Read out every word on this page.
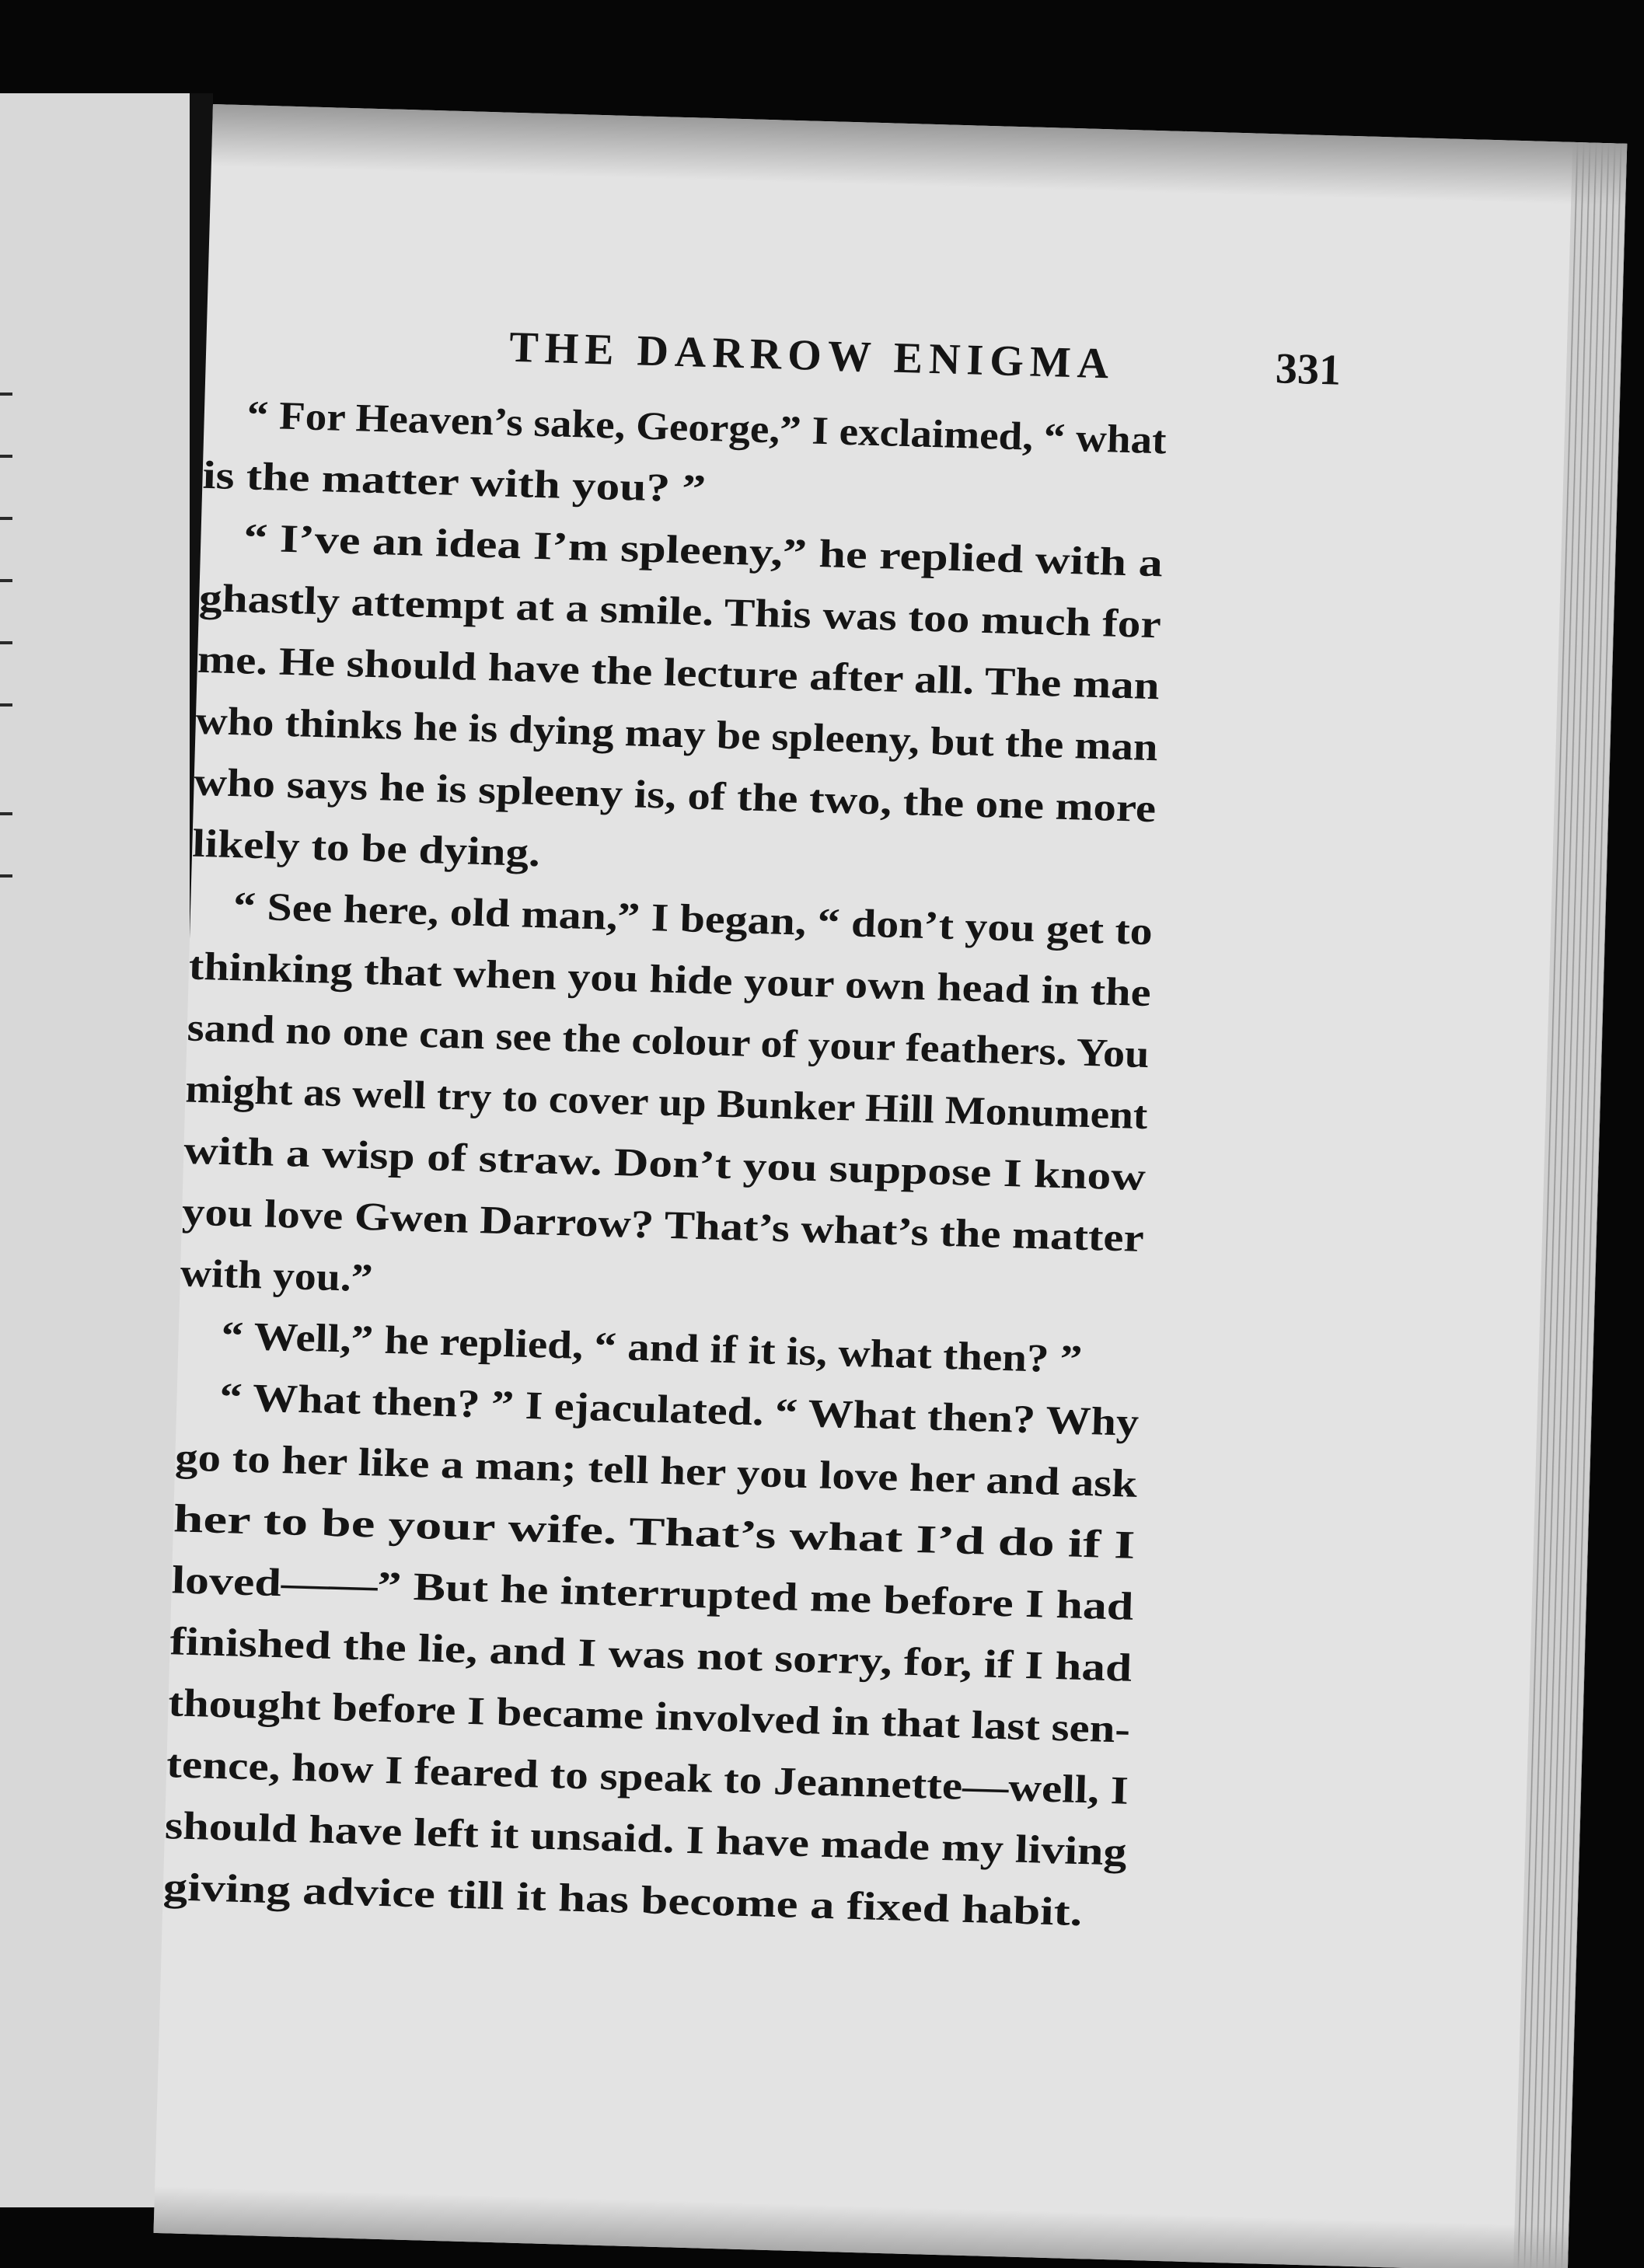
THE DARROW ENIGMA	331
“ For Heaven’s sake, George,” I exclaimed, “ what
is the matter with you? ”
“ I’ve an idea I’m spleeny,” he replied with a
ghastly attempt at a smile. This was too much for
me. He should have the lecture after all. The man
who thinks he is dying may be spleeny, but the man
who says he is spleeny is, of the two, the one more
likely to be dying.
“ See here, old man,” I began, “ don’t you get to
thinking that when you hide your own head in the
sand no one can see the colour of your feathers. You
might as well try to cover up Bunker Hill Monument
with a wisp of straw. Don’t you suppose I know
you love Gwen Darrow? That’s what’s the matter
with you.”
“ Well,” he replied, “ and if it is, what then? ”
“ What then? ” I ejaculated. “ What then? Why
go to her like a man; tell her you love her and ask
her to be your wife. That’s what I’d do if I
loved——” But he interrupted me before I had
finished the lie, and I was not sorry, for, if I had
thought before I became involved in that last sen-
tence, how I feared to speak to Jeannette—well, I
should have left it unsaid. I have made my living
giving advice till it has become a fixed habit.
